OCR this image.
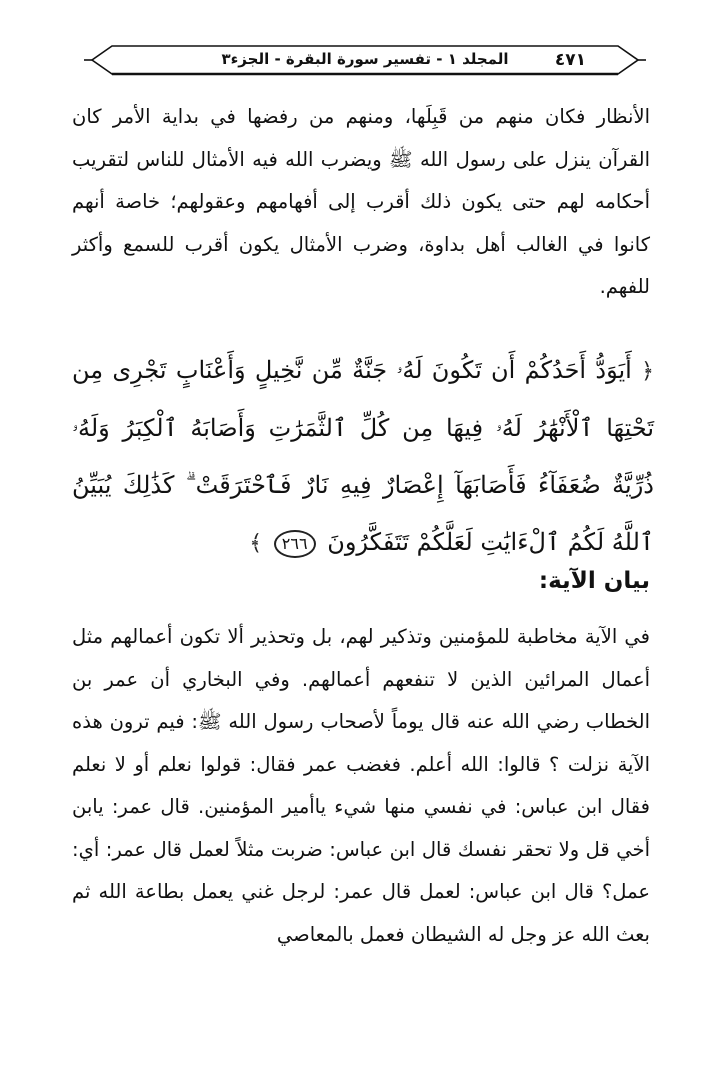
المجلد ١ - تفسير سورة البقرة - الجزء٣	٤٧١
الأنظار فكان منهم من قَبِلَها، ومنهم من رفضها في بداية الأمر كان القرآن ينزل على رسول الله ﷺ ويضرب الله فيه الأمثال للناس لتقريب أحكامه لهم حتى يكون ذلك أقرب إلى أفهامهم وعقولهم؛ خاصة أنهم كانوا في الغالب أهل بداوة، وضرب الأمثال يكون أقرب للسمع وأكثر للفهم.
﴿ أَيَوَدُّ أَحَدُكُمْ أَن تَكُونَ لَهُۥ جَنَّةٌ مِّن نَّخِيلٍ وَأَعْنَابٍ تَجْرِى مِن تَحْتِهَا ٱلْأَنْهَٰرُ لَهُۥ فِيهَا مِن كُلِّ ٱلثَّمَرَٰتِ وَأَصَابَهُ ٱلْكِبَرُ وَلَهُۥ ذُرِّيَّةٌ ضُعَفَآءُ فَأَصَابَهَآ إِعْصَارٌ فِيهِ نَارٌ فَٱحْتَرَقَتْ ۗ كَذَٰلِكَ يُبَيِّنُ ٱللَّهُ لَكُمُ ٱلْءَايَٰتِ لَعَلَّكُمْ تَتَفَكَّرُونَ ٢٦٦ ﴾
بيان الآية:
في الآية مخاطبة للمؤمنين وتذكير لهم، بل وتحذير ألا تكون أعمالهم مثل أعمال المرائين الذين لا تنفعهم أعمالهم. وفي البخاري أن عمر بن الخطاب رضي الله عنه قال يوماً لأصحاب رسول الله ﷺ: فيم ترون هذه الآية نزلت ؟ قالوا: الله أعلم. فغضب عمر فقال: قولوا نعلم أو لا نعلم فقال ابن عباس: في نفسي منها شيء ياأمير المؤمنين. قال عمر: يابن أخي قل ولا تحقر نفسك قال ابن عباس: ضربت مثلاً لعمل قال عمر: أي: عمل؟ قال ابن عباس: لعمل قال عمر: لرجل غني يعمل بطاعة الله ثم بعث الله عز وجل له الشيطان فعمل بالمعاصي
